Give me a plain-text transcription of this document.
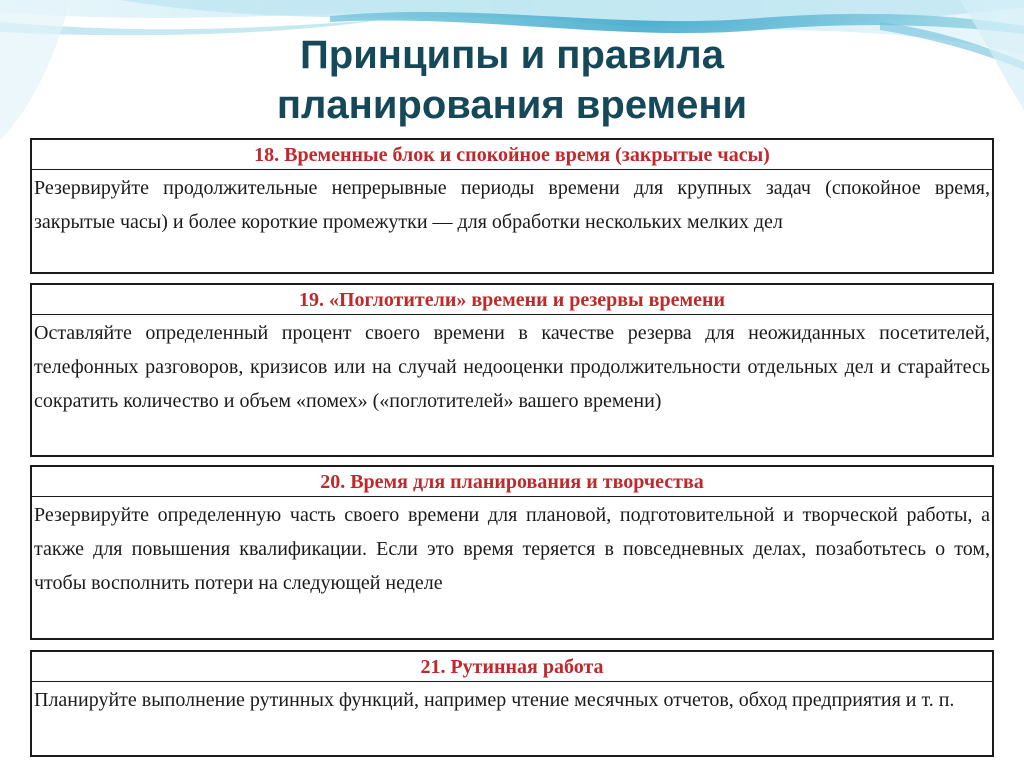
Принципы и правила
планирования времени
18. Временные блок и спокойное время (закрытые часы)
Резервируйте продолжительные непрерывные периоды времени для крупных задач (спокойное время, закрытые часы) и более короткие промежутки — для обработки нескольких мелких дел
19. «Поглотители» времени и резервы времени
Оставляйте определенный процент своего времени в качестве резерва для неожиданных посетителей, телефонных разговоров, кризисов или на случай недооценки продолжительности отдельных дел и старайтесь сократить количество и объем «помех» («поглотителей» вашего времени)
20. Время для планирования и творчества
Резервируйте определенную часть своего времени для плановой, подготовительной и творческой работы, а также для повышения квалификации. Если это время теряется в повседневных делах, позаботьтесь о том, чтобы восполнить потери на следующей неделе
21. Рутинная работа
Планируйте выполнение рутинных функций, например чтение месячных отчетов, обход предприятия и т. п.
